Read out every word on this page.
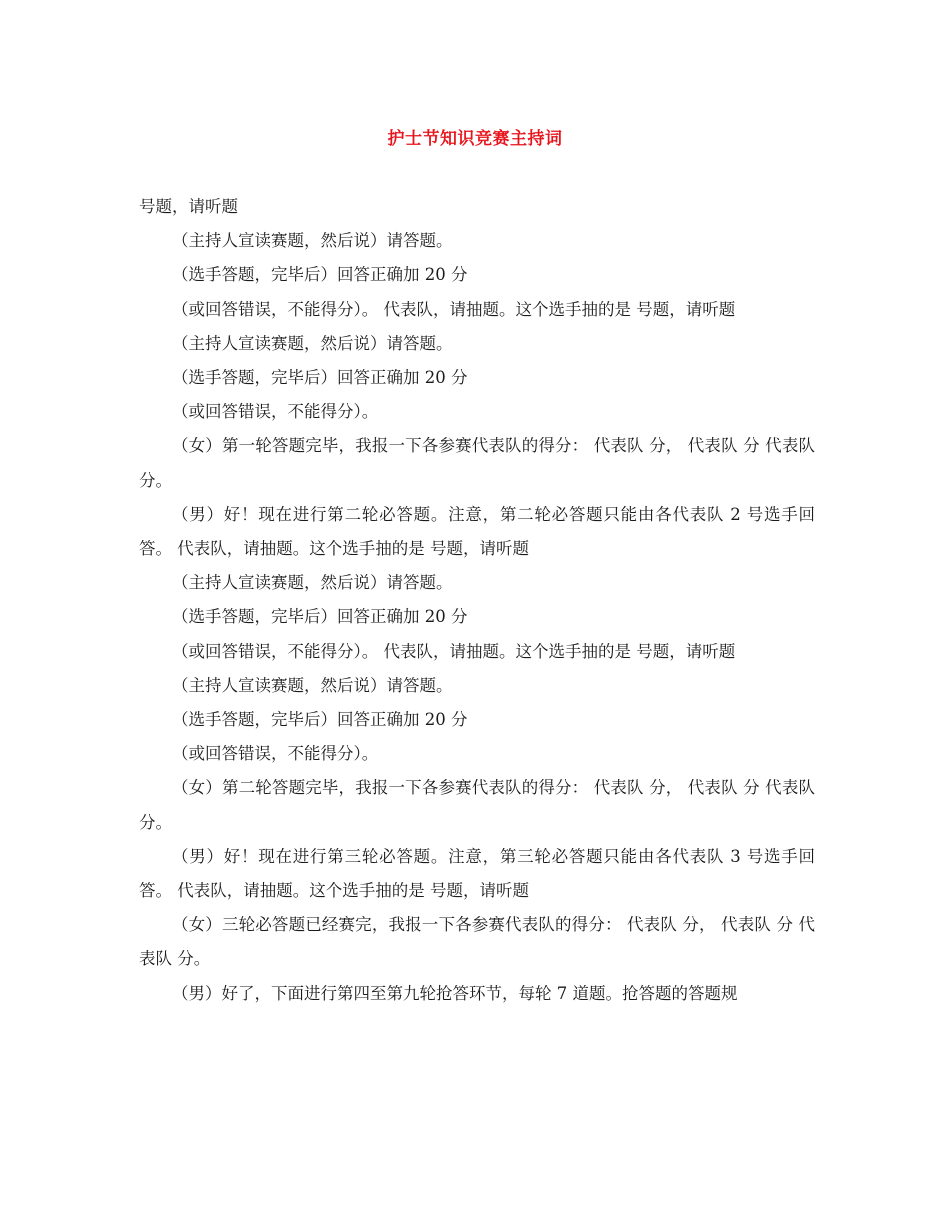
护士节知识竞赛主持词

号题，请听题

（主持人宣读赛题，然后说）请答题。

（选手答题，完毕后）回答正确加 20 分

（或回答错误，不能得分）。 代表队，请抽题。这个选手抽的是 号题，请听题

（主持人宣读赛题，然后说）请答题。

（选手答题，完毕后）回答正确加 20 分

（或回答错误，不能得分）。

（女）第一轮答题完毕，我报一下各参赛代表队的得分： 代表队 分， 代表队 分 代表队 分。

（男）好！现在进行第二轮必答题。注意，第二轮必答题只能由各代表队 2 号选手回答。 代表队，请抽题。这个选手抽的是 号题，请听题

（主持人宣读赛题，然后说）请答题。

（选手答题，完毕后）回答正确加 20 分

（或回答错误，不能得分）。 代表队，请抽题。这个选手抽的是 号题，请听题

（主持人宣读赛题，然后说）请答题。

（选手答题，完毕后）回答正确加 20 分

（或回答错误，不能得分）。

（女）第二轮答题完毕，我报一下各参赛代表队的得分： 代表队 分， 代表队 分 代表队 分。

（男）好！现在进行第三轮必答题。注意，第三轮必答题只能由各代表队 3 号选手回答。 代表队，请抽题。这个选手抽的是 号题，请听题

（女）三轮必答题已经赛完，我报一下各参赛代表队的得分： 代表队 分， 代表队 分 代表队 分。

（男）好了，下面进行第四至第九轮抢答环节，每轮 7 道题。抢答题的答题规
